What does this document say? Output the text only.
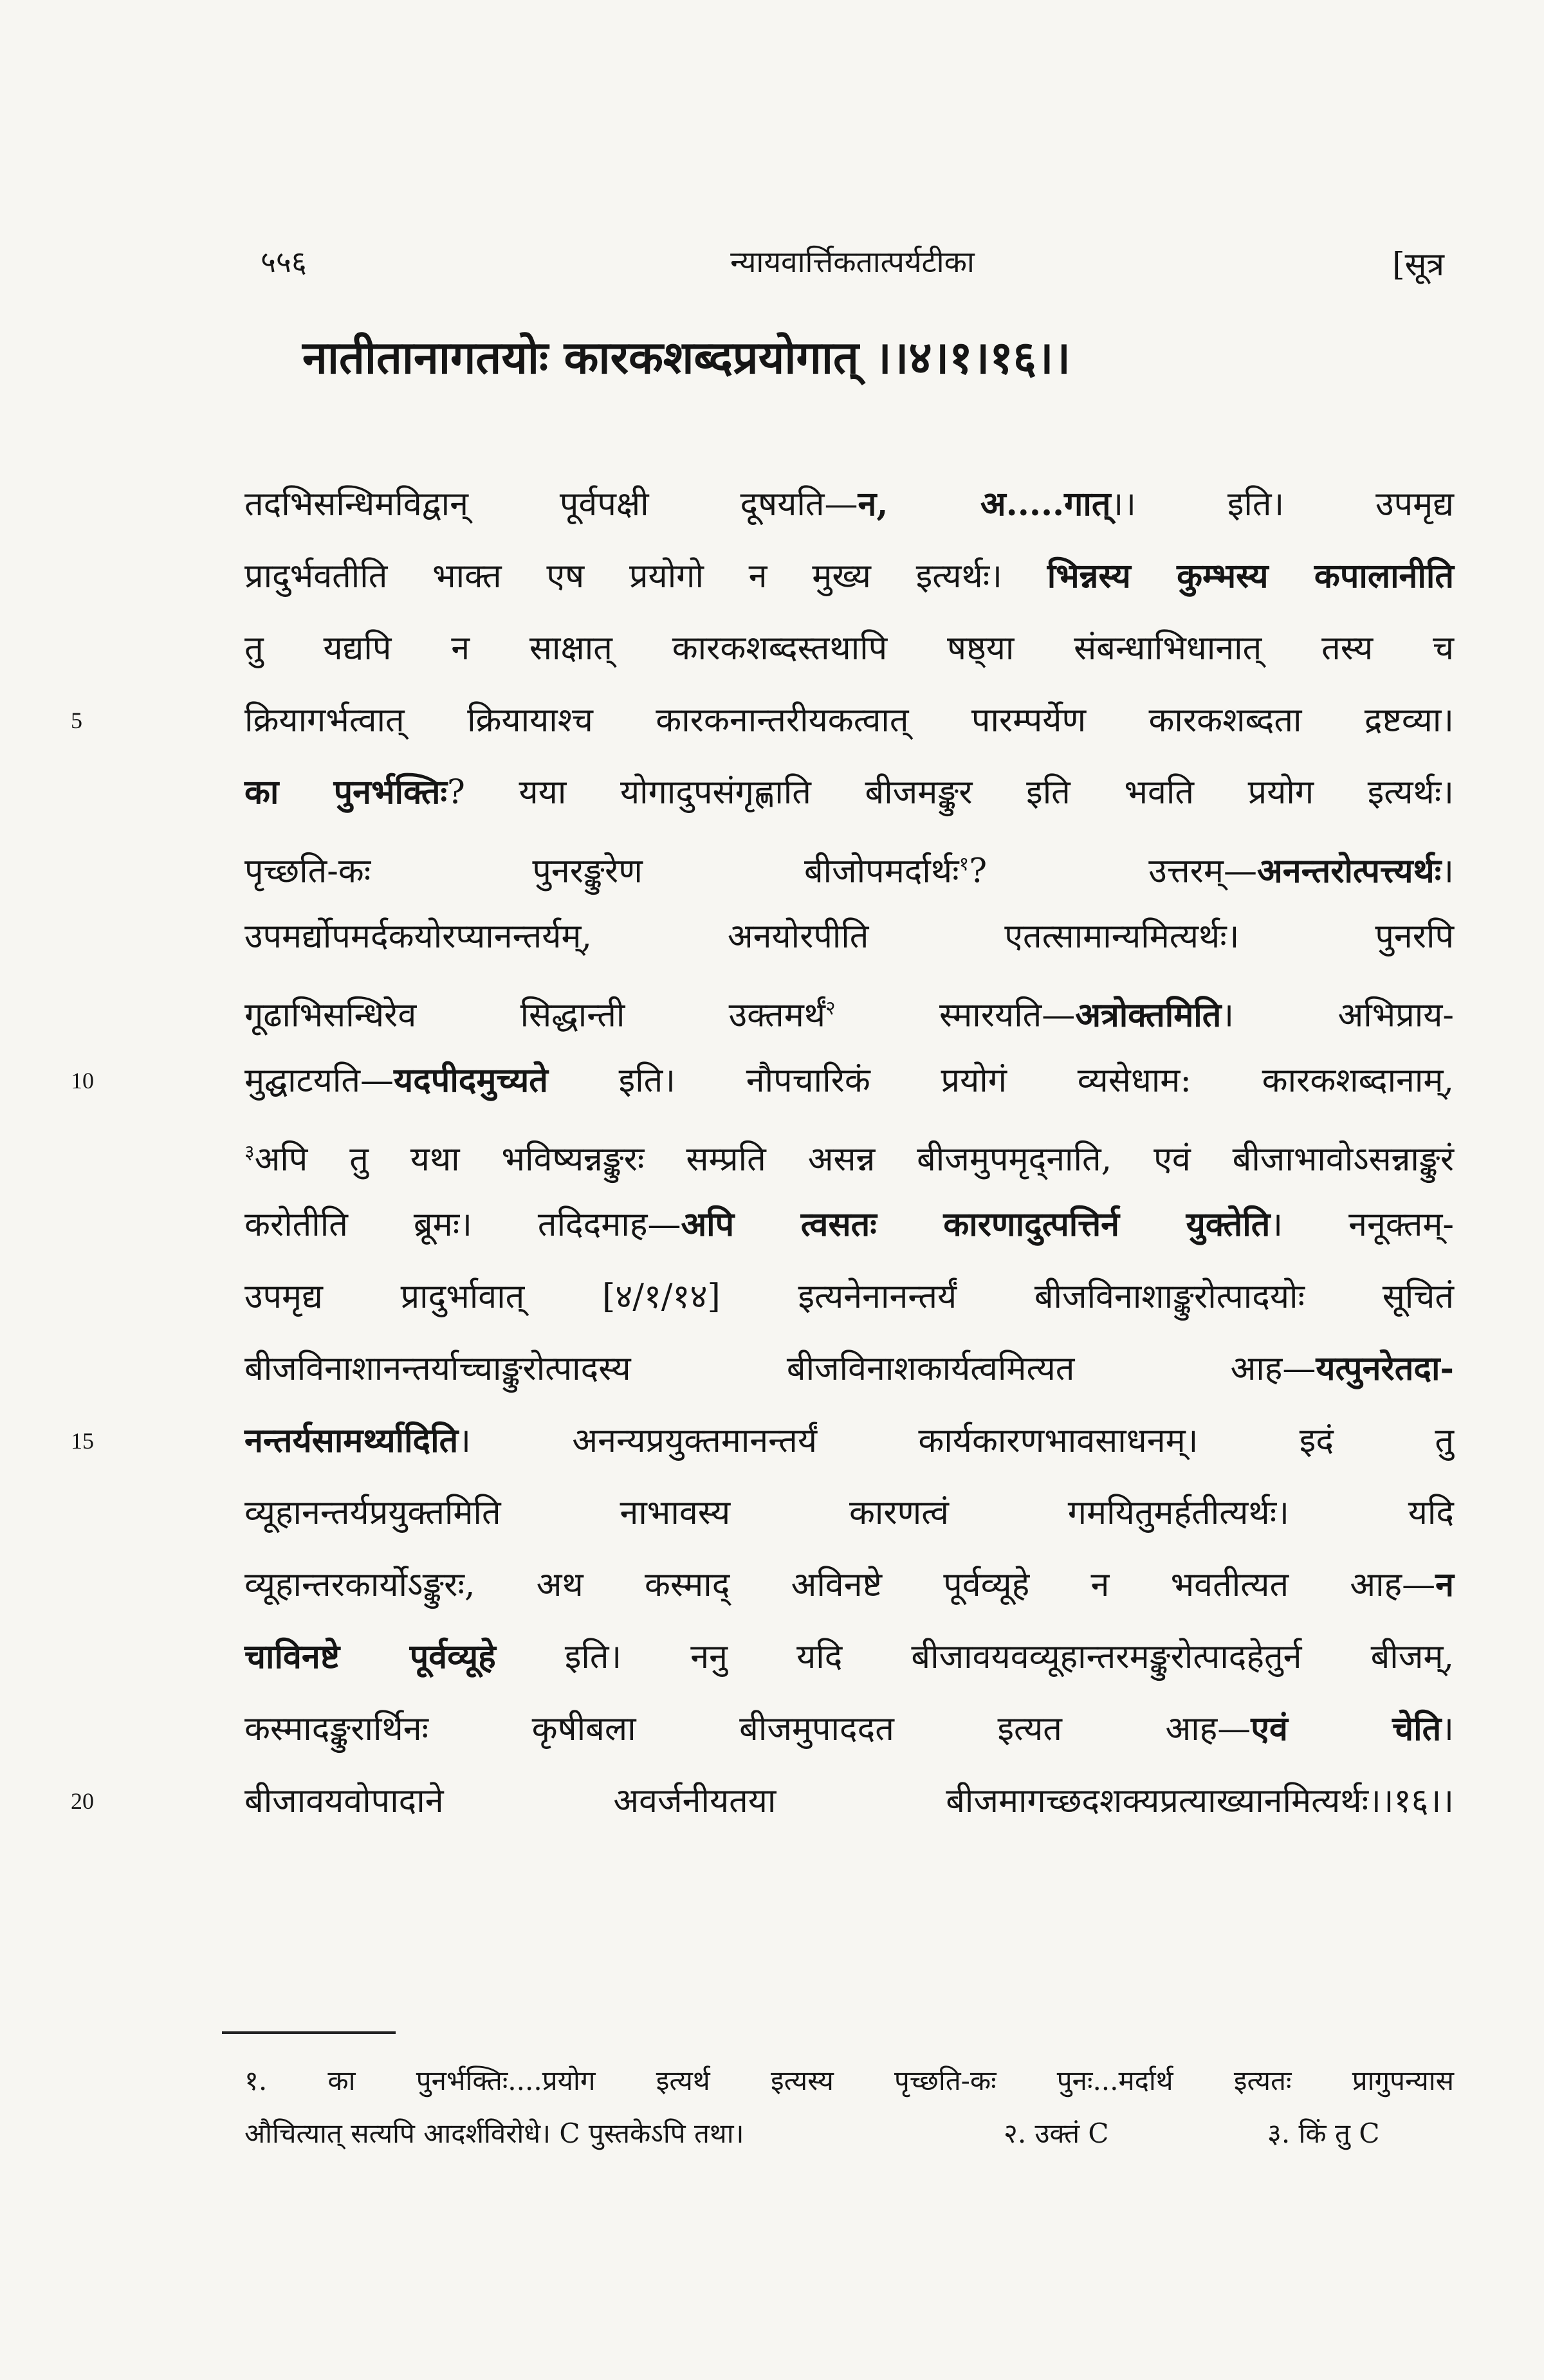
५५६	न्यायवार्त्तिकतात्पर्यटीका	[सूत्र
नातीतानागतयोः कारकशब्दप्रयोगात् ।।४।१।१६।।
तदभिसन्धिमविद्वान् पूर्वपक्षी दूषयति—न, अ.....गात्।। इति। उपमृद्य
प्रादुर्भवतीति भाक्त एष प्रयोगो न मुख्य इत्यर्थः। भिन्नस्य कुम्भस्य कपालानीति
तु यद्यपि न साक्षात् कारकशब्दस्तथापि षष्ठ्या संबन्धाभिधानात् तस्य च
5	क्रियागर्भत्वात् क्रियायाश्च कारकनान्तरीयकत्वात् पारम्पर्येण कारकशब्दता द्रष्टव्या।
का पुनर्भक्तिः? यया योगादुपसंगृह्णाति बीजमङ्कुर इति भवति प्रयोग इत्यर्थः।
पृच्छति-कः पुनरङ्कुरेण बीजोपमर्दार्थः$^१$? उत्तरम्—अनन्तरोत्पत्त्यर्थः।
उपमर्द्योपमर्दकयोरप्यानन्तर्यम्, अनयोरपीति एतत्सामान्यमित्यर्थः। पुनरपि
गूढाभिसन्धिरेव सिद्धान्ती उक्तमर्थं$^२$ स्मारयति—अत्रोक्तमिति। अभिप्राय-
10	मुद्घाटयति—यदपीदमुच्यते इति। नौपचारिकं प्रयोगं व्यसेधाम: कारकशब्दानाम्,
$^३$अपि तु यथा भविष्यन्नङ्कुरः सम्प्रति असन्न बीजमुपमृद्नाति, एवं बीजाभावोऽसन्नाङ्कुरं
करोतीति ब्रूमः। तदिदमाह—अपि त्वसतः कारणादुत्पत्तिर्न युक्तेति। ननूक्तम्-
उपमृद्य प्रादुर्भावात् [४/१/१४] इत्यनेनानन्तर्यं बीजविनाशाङ्कुरोत्पादयोः सूचितं
बीजविनाशानन्तर्याच्चाङ्कुरोत्पादस्य बीजविनाशकार्यत्वमित्यत आह—यत्पुनरेतदा-
15	नन्तर्यसामर्थ्यादिति। अनन्यप्रयुक्तमानन्तर्यं कार्यकारणभावसाधनम्। इदं तु
व्यूहानन्तर्यप्रयुक्तमिति नाभावस्य कारणत्वं गमयितुमर्हतीत्यर्थः। यदि
व्यूहान्तरकार्योऽङ्कुरः, अथ कस्माद् अविनष्टे पूर्वव्यूहे न भवतीत्यत आह—न
चाविनष्टे पूर्वव्यूहे इति। ननु यदि बीजावयवव्यूहान्तरमङ्कुरोत्पादहेतुर्न बीजम्,
कस्मादङ्कुरार्थिनः कृषीबला बीजमुपाददत इत्यत आह—एवं चेति।
20	बीजावयवोपादाने अवर्जनीयतया बीजमागच्छदशक्यप्रत्याख्यानमित्यर्थः।।१६।।
१. का पुनर्भक्तिः....प्रयोग इत्यर्थ इत्यस्य पृच्छति-कः पुनः...मर्दार्थ इत्यतः प्रागुपन्यास
औचित्यात् सत्यपि आदर्शविरोधे। C पुस्तकेऽपि तथा।	२. उक्तं C	३. किं तु C
